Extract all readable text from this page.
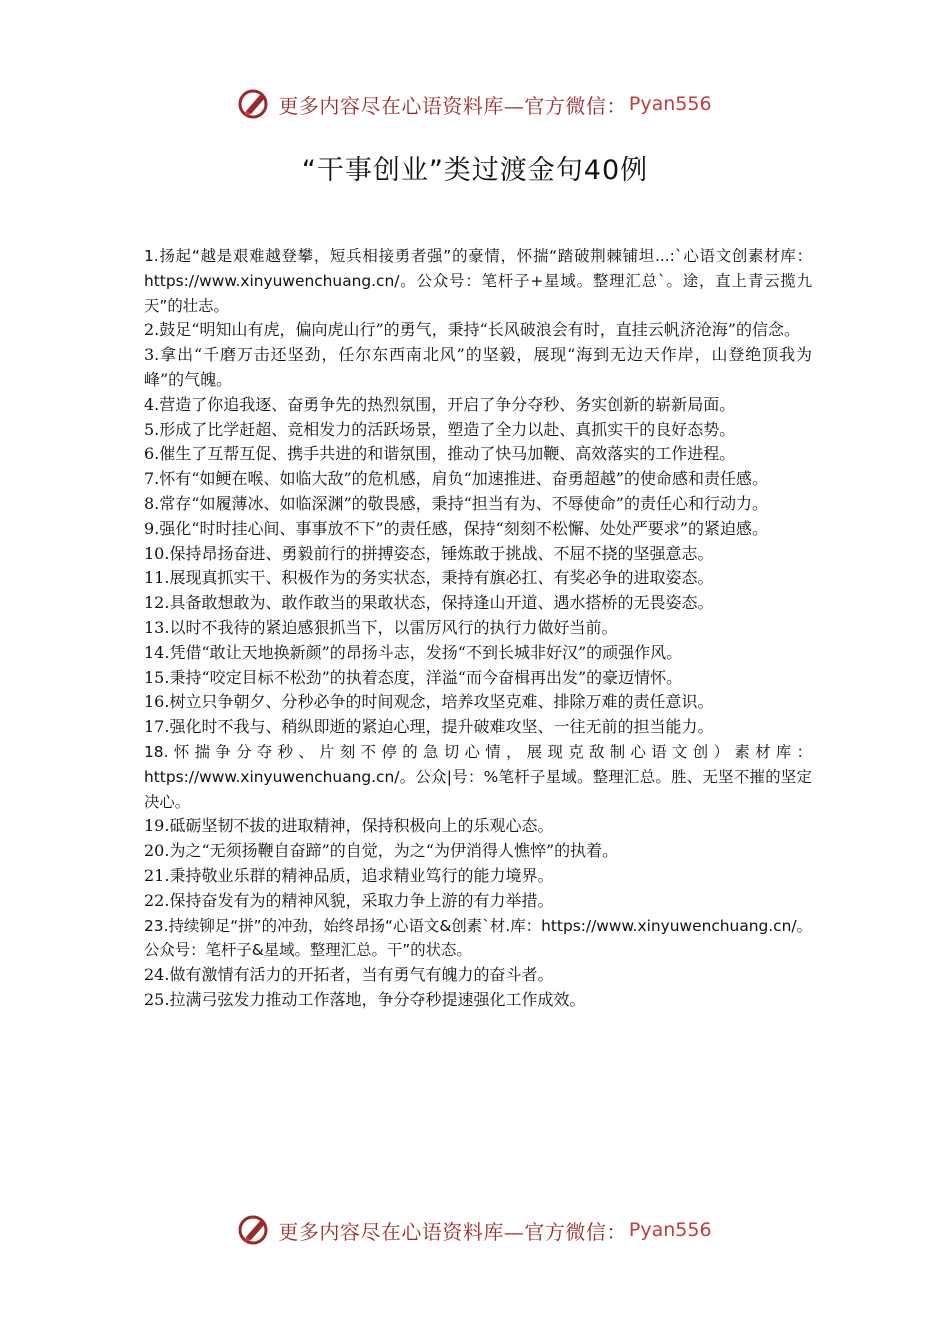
更多内容尽在心语资料库—官方微信： Pyan556
“干事创业”类过渡金句40例

1.扬起“越是艰难越登攀，短兵相接勇者强”的豪情，怀揣“踏破荆棘铺坦...:`心语文创素材库：https://www.xinyuwenchuang.cn/。公众号：笔杆子+星域。整理汇总`。途，直上青云揽九天”的壮志。

2.鼓足“明知山有虎，偏向虎山行”的勇气，秉持“长风破浪会有时，直挂云帆济沧海”的信念。

3.拿出“千磨万击还坚劲，任尔东西南北风”的坚毅，展现“海到无边天作岸，山登绝顶我为峰”的气魄。

4.营造了你追我逐、奋勇争先的热烈氛围，开启了争分夺秒、务实创新的崭新局面。

5.形成了比学赶超、竞相发力的活跃场景，塑造了全力以赴、真抓实干的良好态势。

6.催生了互帮互促、携手共进的和谐氛围，推动了快马加鞭、高效落实的工作进程。

7.怀有“如鲠在喉、如临大敌”的危机感，肩负“加速推进、奋勇超越”的使命感和责任感。

8.常存“如履薄冰、如临深渊”的敬畏感，秉持“担当有为、不辱使命”的责任心和行动力。

9.强化“时时挂心间、事事放不下”的责任感，保持“刻刻不松懈、处处严要求”的紧迫感。

10.保持昂扬奋进、勇毅前行的拼搏姿态，锤炼敢于挑战、不屈不挠的坚强意志。

11.展现真抓实干、积极作为的务实状态，秉持有旗必扛、有奖必争的进取姿态。

12.具备敢想敢为、敢作敢当的果敢状态，保持逢山开道、遇水搭桥的无畏姿态。

13.以时不我待的紧迫感狠抓当下，以雷厉风行的执行力做好当前。

14.凭借“敢让天地换新颜”的昂扬斗志，发扬“不到长城非好汉”的顽强作风。

15.秉持“咬定目标不松劲”的执着态度，洋溢“而今奋楫再出发”的豪迈情怀。

16.树立只争朝夕、分秒必争的时间观念，培养攻坚克难、排除万难的责任意识。

17.强化时不我与、稍纵即逝的紧迫心理，提升破难攻坚、一往无前的担当能力。

18.怀揣争分夺秒、片刻不停的急切心情，展现克敌制心语文创）素材库：https://www.xinyuwenchuang.cn/。公众|号：%笔杆子星域。整理汇总。胜、无坚不摧的坚定决心。

19.砥砺坚韧不拔的进取精神，保持积极向上的乐观心态。

20.为之“无须扬鞭自奋蹄”的自觉，为之“为伊消得人憔悴”的执着。

21.秉持敬业乐群的精神品质，追求精业笃行的能力境界。

22.保持奋发有为的精神风貌，采取力争上游的有力举措。

23.持续铆足“拼”的冲劲，始终昂扬“心语文&创素`材.库：https://www.xinyuwenchuang.cn/。公众号：笔杆子&星域。整理汇总。干”的状态。

24.做有激情有活力的开拓者，当有勇气有魄力的奋斗者。

25.拉满弓弦发力推动工作落地，争分夺秒提速强化工作成效。

更多内容尽在心语资料库—官方微信： Pyan556
